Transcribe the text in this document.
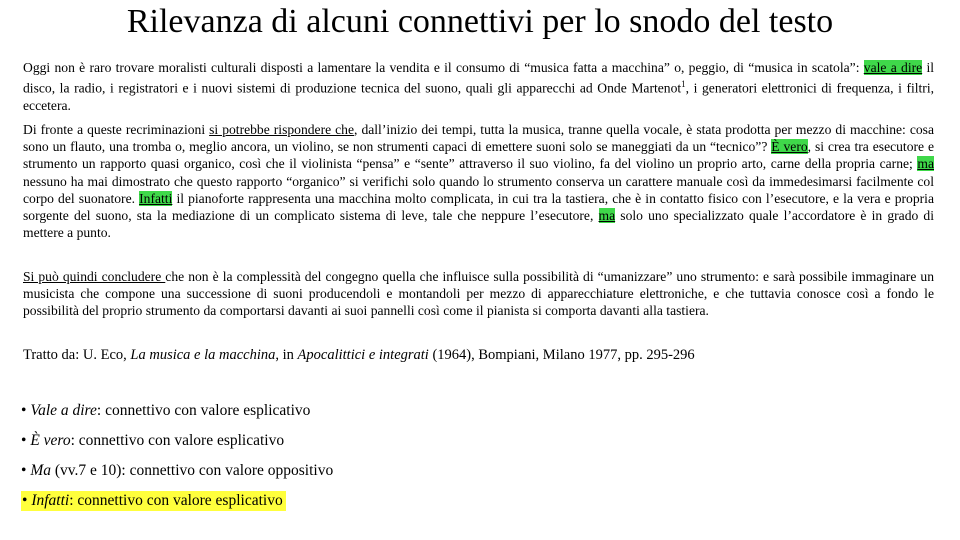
Rilevanza di alcuni connettivi per lo snodo del testo

Oggi non è raro trovare moralisti culturali disposti a lamentare la vendita e il consumo di “musica fatta a macchina” o, peggio, di “musica in scatola”: vale a dire il disco, la radio, i registratori e i nuovi sistemi di produzione tecnica del suono, quali gli apparecchi ad Onde Martenot$^1$, i generatori elettronici di frequenza, i filtri, eccetera.

Di fronte a queste recriminazioni si potrebbe rispondere che, dall’inizio dei tempi, tutta la musica, tranne quella vocale, è stata prodotta per mezzo di macchine: cosa sono un flauto, una tromba o, meglio ancora, un violino, se non strumenti capaci di emettere suoni solo se maneggiati da un “tecnico”? È vero, si crea tra esecutore e strumento un rapporto quasi organico, così che il violinista “pensa” e “sente” attraverso il suo violino, fa del violino un proprio arto, carne della propria carne; ma nessuno ha mai dimostrato che questo rapporto “organico” si verifichi solo quando lo strumento conserva un carattere manuale così da immedesimarsi facilmente col corpo del suonatore. Infatti il pianoforte rappresenta una macchina molto complicata, in cui tra la tastiera, che è in contatto fisico con l’esecutore, e la vera e propria sorgente del suono, sta la mediazione di un complicato sistema di leve, tale che neppure l’esecutore, ma solo uno specializzato quale l’accordatore è in grado di mettere a punto.

Si può quindi concludere che non è la complessità del congegno quella che influisce sulla possibilità di “umanizzare” uno strumento: e sarà possibile immaginare un musicista che compone una successione di suoni producendoli e montandoli per mezzo di apparecchiature elettroniche, e che tuttavia conosce così a fondo le possibilità del proprio strumento da comportarsi davanti ai suoi pannelli così come il pianista si comporta davanti alla tastiera.

Tratto da: U. Eco, La musica e la macchina, in Apocalittici e integrati (1964), Bompiani, Milano 1977, pp. 295-296

• Vale a dire: connettivo con valore esplicativo
• È vero: connettivo con valore esplicativo
• Ma (vv.7 e 10): connettivo con valore oppositivo
• Infatti: connettivo con valore esplicativo
